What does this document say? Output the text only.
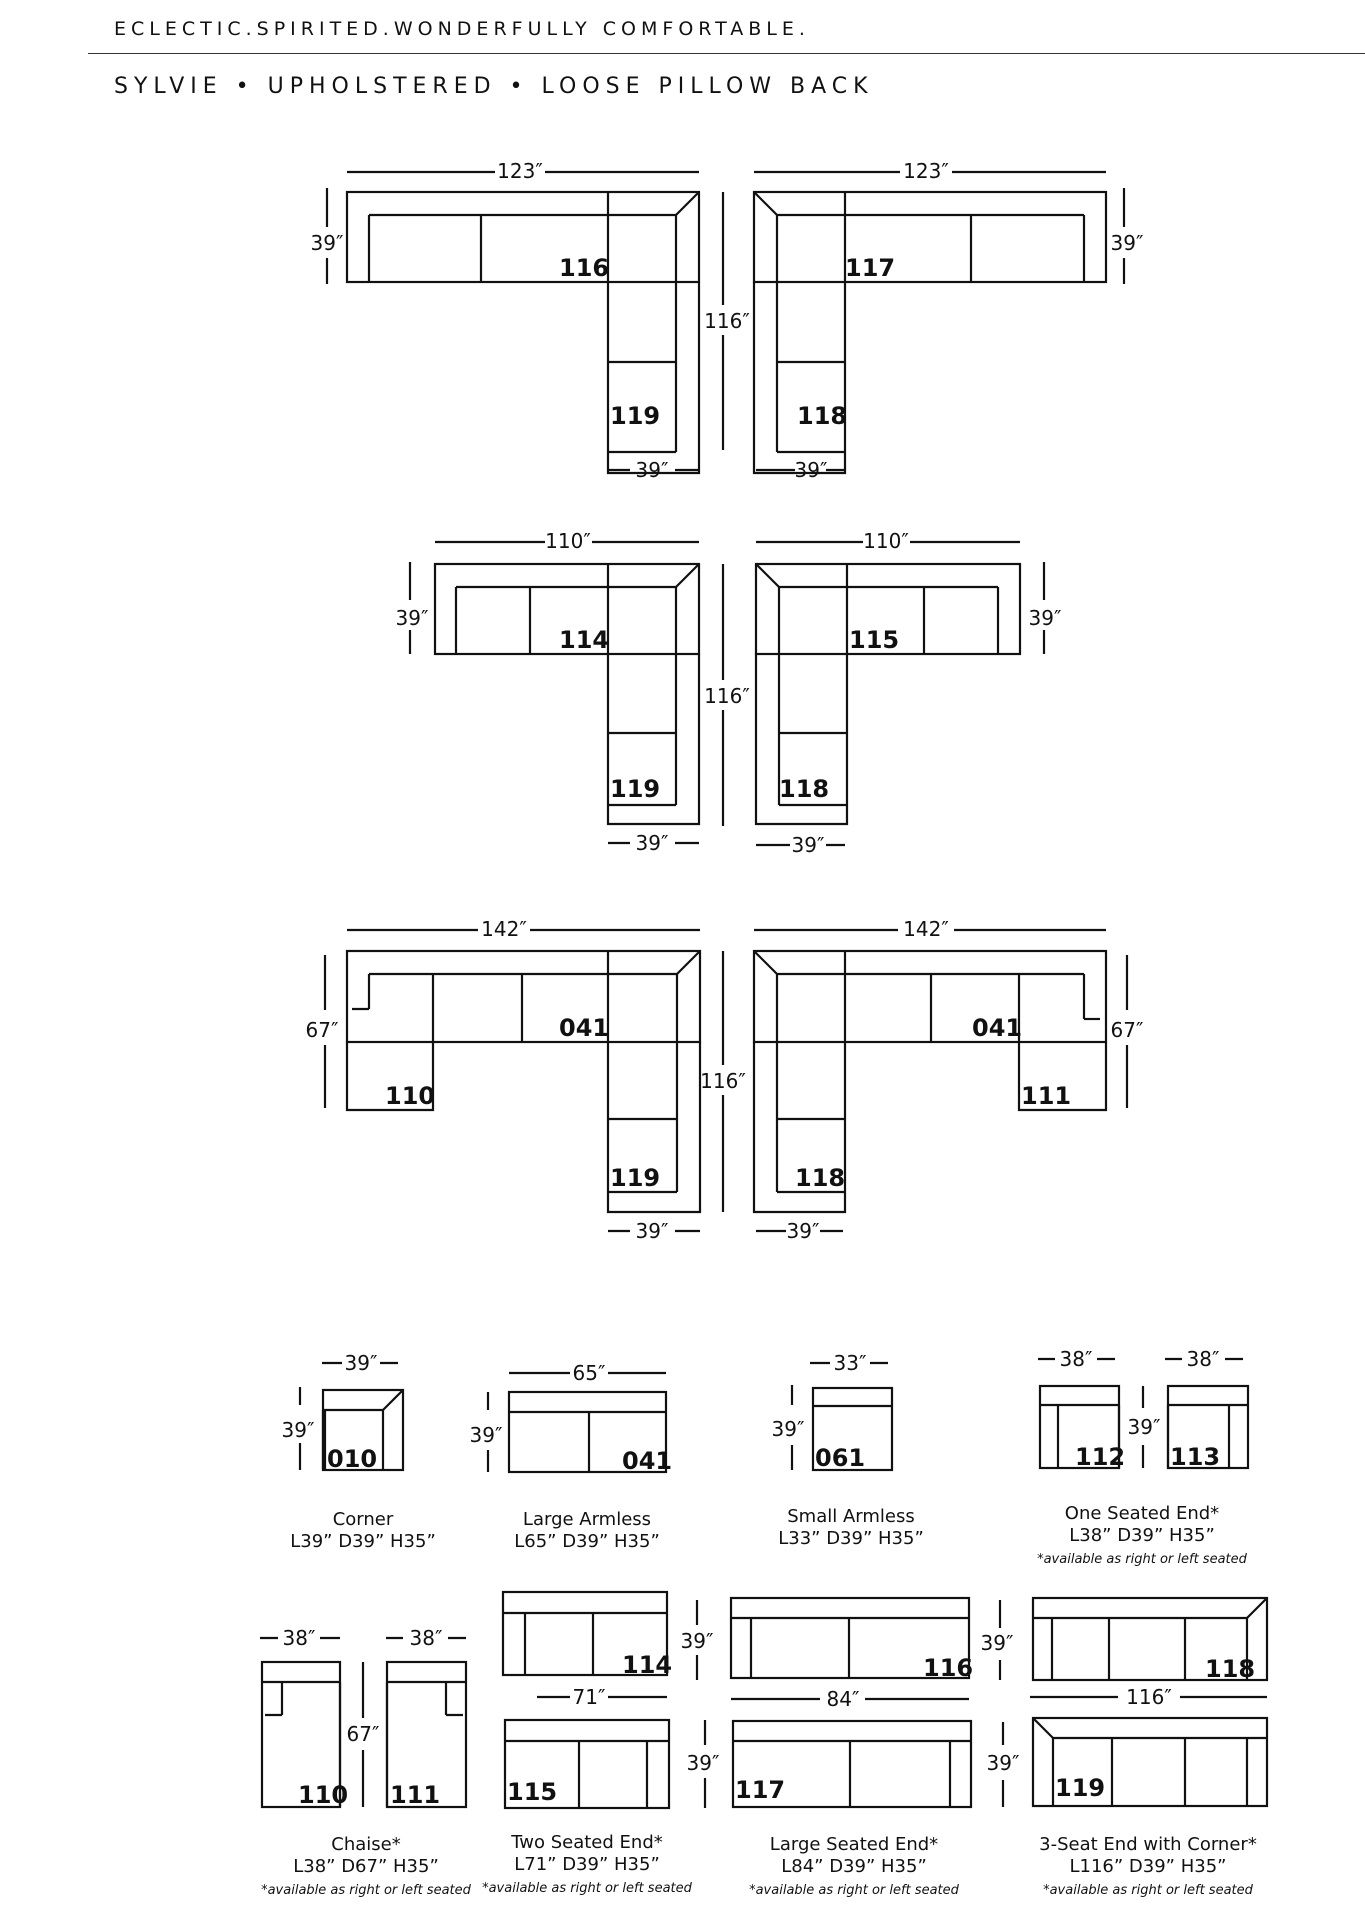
ECLECTIC.SPIRITED.WONDERFULLY COMFORTABLE.
SYLVIE • UPHOLSTERED • LOOSE PILLOW BACK
123″
39″
116″
39″
123″
39″
39″
110″
39″
116″
39″
110″
39″
39″
142″
67″
116″
39″
142″
67″
39″
39″
39″
65″
39″
33″
39″
38″	38″
39″
38″	38″
67″
71″
39″
39″
84″
39″
39″
116″
116	117
119	118
114	115
119	118
041
110
119
041
111
118
010	041	061	112 113
110 111
114
115
116
117
118
119
Corner
L39” D39” H35”
Large Armless
L65” D39” H35”
Small Armless
L33” D39” H35”
One Seated End*
L38” D39” H35”
*available as right or left seated
Chaise*
L38” D67” H35”
*available as right or left seated
Two Seated End*
L71” D39” H35”
*available as right or left seated
Large Seated End*
L84” D39” H35”
*available as right or left seated
3-Seat End with Corner*
L116” D39” H35”
*available as right or left seated
